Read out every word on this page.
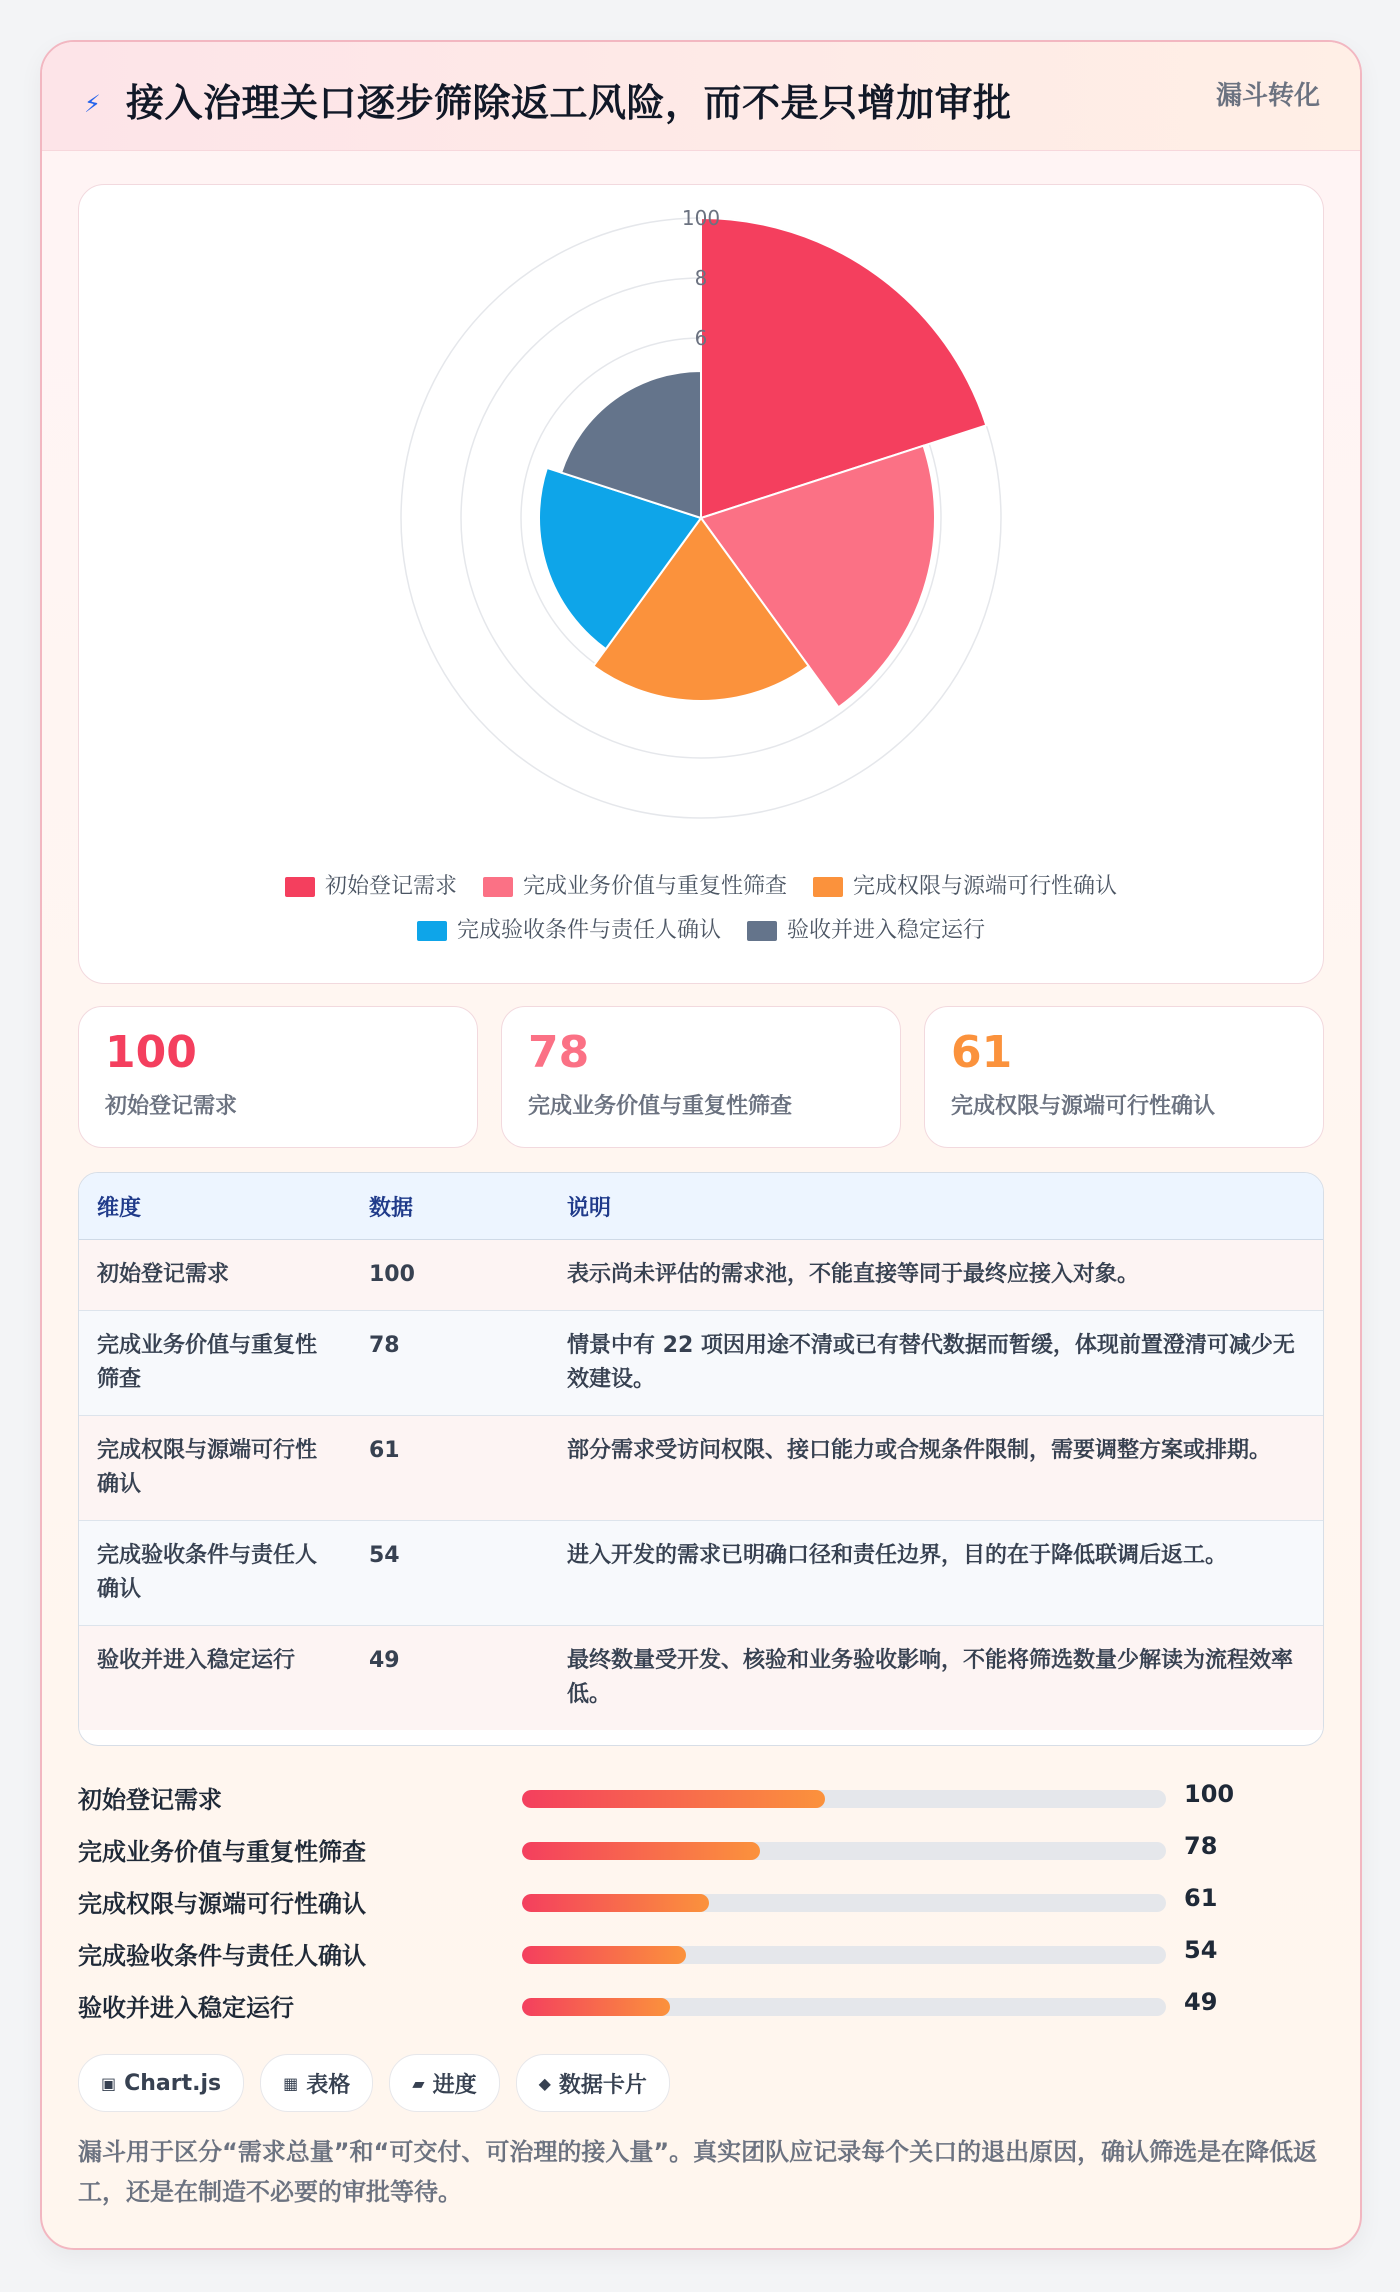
⚡ 接入治理关口逐步筛除返工风险，而不是只增加审批	漏斗转化
100
8
6
初始登记需求	完成业务价值与重复性筛查	完成权限与源端可行性确认
完成验收条件与责任人确认	验收并进入稳定运行
100
初始登记需求
78
完成业务价值与重复性筛查
61
完成权限与源端可行性确认
维度	数据	说明
初始登记需求	100	表示尚未评估的需求池，不能直接等同于最终应接入对象。
完成业务价值与重复性筛查	78	情景中有 22 项因用途不清或已有替代数据而暂缓，体现前置澄清可减少无效建设。
完成权限与源端可行性确认	61	部分需求受访问权限、接口能力或合规条件限制，需要调整方案或排期。
完成验收条件与责任人确认	54	进入开发的需求已明确口径和责任边界，目的在于降低联调后返工。
验收并进入稳定运行	49	最终数量受开发、核验和业务验收影响，不能将筛选数量少解读为流程效率低。
初始登记需求	100
完成业务价值与重复性筛查	78
完成权限与源端可行性确认	61
完成验收条件与责任人确认	54
验收并进入稳定运行	49
▣ Chart.js	▦ 表格	▰ 进度	◆ 数据卡片
漏斗用于区分“需求总量”和“可交付、可治理的接入量”。真实团队应记录每个关口的退出原因，确认筛选是在降低返工，还是在制造不必要的审批等待。
